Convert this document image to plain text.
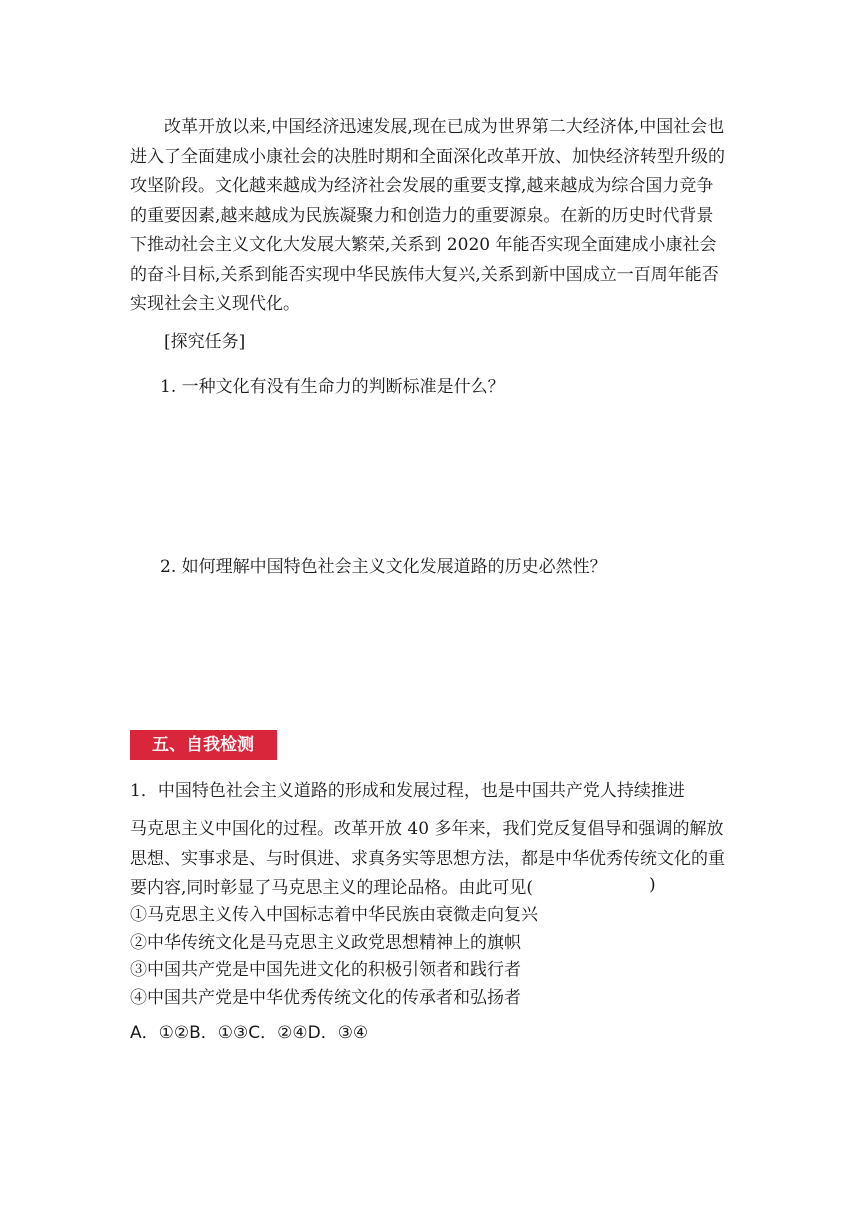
改革开放以来,中国经济迅速发展,现在已成为世界第二大经济体,中国社会也进入了全面建成小康社会的决胜时期和全面深化改革开放、加快经济转型升级的攻坚阶段。文化越来越成为经济社会发展的重要支撑,越来越成为综合国力竞争的重要因素,越来越成为民族凝聚力和创造力的重要源泉。在新的历史时代背景下推动社会主义文化大发展大繁荣,关系到 2020 年能否实现全面建成小康社会的奋斗目标,关系到能否实现中华民族伟大复兴,关系到新中国成立一百周年能否实现社会主义现代化。

[探究任务]

1. 一种文化有没有生命力的判断标准是什么？

2. 如何理解中国特色社会主义文化发展道路的历史必然性？

五、自我检测

1．中国特色社会主义道路的形成和发展过程，也是中国共产党人持续推进

马克思主义中国化的过程。改革开放 40 多年来，我们党反复倡导和强调的解放思想、实事求是、与时俱进、求真务实等思想方法，都是中华优秀传统文化的重要内容,同时彰显了马克思主义的理论品格。由此可见(	)

①马克思主义传入中国标志着中华民族由衰微走向复兴

②中华传统文化是马克思主义政党思想精神上的旗帜

③中国共产党是中国先进文化的积极引领者和践行者

④中国共产党是中华优秀传统文化的传承者和弘扬者

A．①②B．①③C．②④D．③④
